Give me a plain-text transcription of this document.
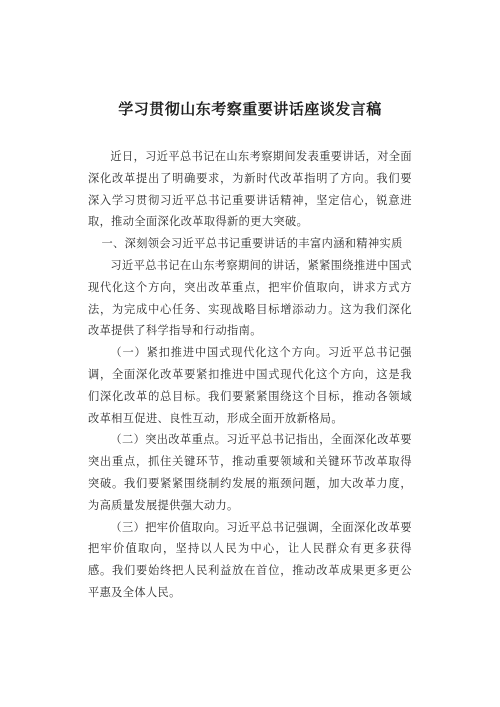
学习贯彻山东考察重要讲话座谈发言稿

近日，习近平总书记在山东考察期间发表重要讲话，对全面深化改革提出了明确要求，为新时代改革指明了方向。我们要深入学习贯彻习近平总书记重要讲话精神，坚定信心，锐意进取，推动全面深化改革取得新的更大突破。

一、深刻领会习近平总书记重要讲话的丰富内涵和精神实质

习近平总书记在山东考察期间的讲话，紧紧围绕推进中国式现代化这个方向，突出改革重点，把牢价值取向，讲求方式方法，为完成中心任务、实现战略目标增添动力。这为我们深化改革提供了科学指导和行动指南。

（一）紧扣推进中国式现代化这个方向。习近平总书记强调，全面深化改革要紧扣推进中国式现代化这个方向，这是我们深化改革的总目标。我们要紧紧围绕这个目标，推动各领域改革相互促进、良性互动，形成全面开放新格局。

（二）突出改革重点。习近平总书记指出，全面深化改革要突出重点，抓住关键环节，推动重要领域和关键环节改革取得突破。我们要紧紧围绕制约发展的瓶颈问题，加大改革力度，为高质量发展提供强大动力。

（三）把牢价值取向。习近平总书记强调，全面深化改革要把牢价值取向，坚持以人民为中心，让人民群众有更多获得感。我们要始终把人民利益放在首位，推动改革成果更多更公平惠及全体人民。
